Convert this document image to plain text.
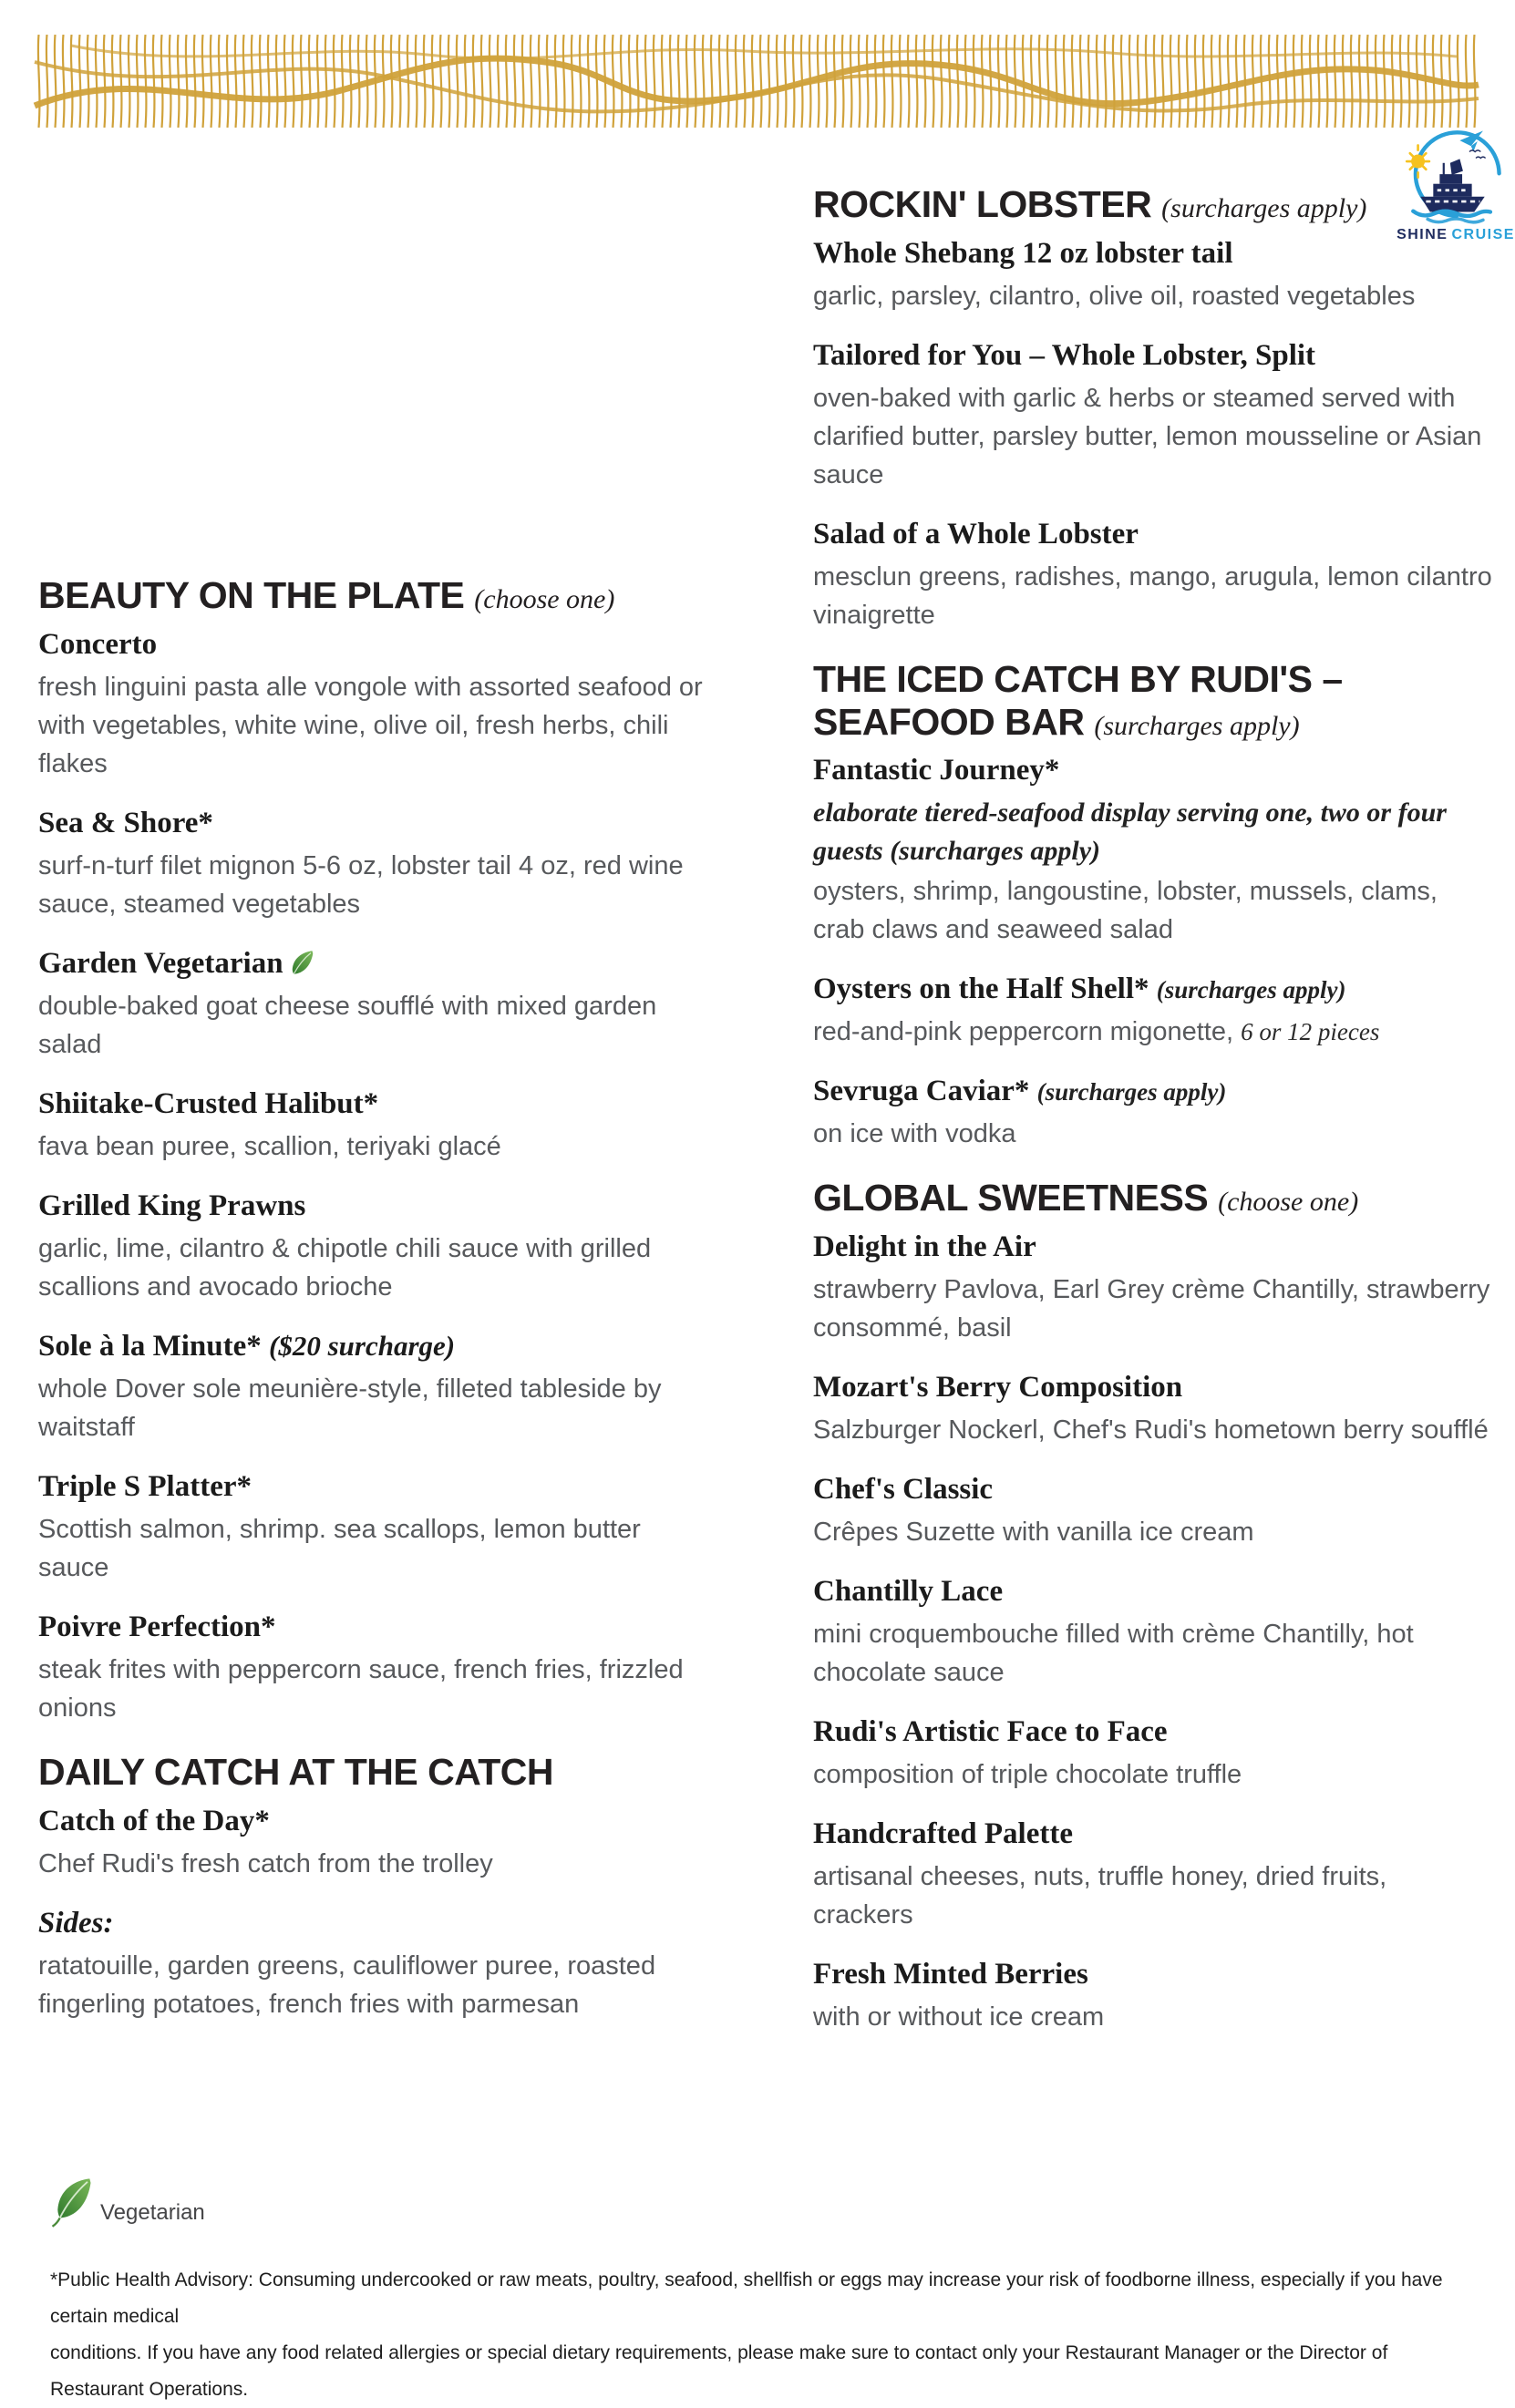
SHINE CRUISE
BEAUTY ON THE PLATE (choose one)
Concerto

fresh linguini pasta alle vongole with assorted seafood or with vegetables, white wine, olive oil, fresh herbs, chili flakes

Sea & Shore*

surf-n-turf filet mignon 5-6 oz, lobster tail 4 oz, red wine sauce, steamed vegetables

Garden Vegetarian

double-baked goat cheese soufflé with mixed garden salad

Shiitake-Crusted Halibut*

fava bean puree, scallion, teriyaki glacé

Grilled King Prawns

garlic, lime, cilantro & chipotle chili sauce with grilled scallions and avocado brioche

Sole à la Minute* ($20 surcharge)

whole Dover sole meunière-style, filleted tableside by waitstaff

Triple S Platter*

Scottish salmon, shrimp. sea scallops, lemon butter sauce

Poivre Perfection*

steak frites with peppercorn sauce, french fries, frizzled onions

DAILY CATCH AT THE CATCH
Catch of the Day*

Chef Rudi's fresh catch from the trolley

Sides:

ratatouille, garden greens, cauliflower puree, roasted fingerling potatoes, french fries with parmesan

ROCKIN' LOBSTER (surcharges apply)
Whole Shebang 12 oz lobster tail

garlic, parsley, cilantro, olive oil, roasted vegetables

Tailored for You – Whole Lobster, Split

oven-baked with garlic & herbs or steamed served with clarified butter, parsley butter, lemon mousseline or Asian sauce

Salad of a Whole Lobster

mesclun greens, radishes, mango, arugula, lemon cilantro vinaigrette

THE ICED CATCH BY RUDI'S –
SEAFOOD BAR (surcharges apply)
Fantastic Journey*

elaborate tiered-seafood display serving one, two or four guests (surcharges apply)

oysters, shrimp, langoustine, lobster, mussels, clams, crab claws and seaweed salad

Oysters on the Half Shell* (surcharges apply)

red-and-pink peppercorn migonette, 6 or 12 pieces

Sevruga Caviar* (surcharges apply)

on ice with vodka

GLOBAL SWEETNESS (choose one)
Delight in the Air

strawberry Pavlova, Earl Grey crème Chantilly, strawberry consommé, basil

Mozart's Berry Composition

Salzburger Nockerl, Chef's Rudi's hometown berry soufflé

Chef's Classic

Crêpes Suzette with vanilla ice cream

Chantilly Lace

mini croquembouche filled with crème Chantilly, hot chocolate sauce

Rudi's Artistic Face to Face

composition of triple chocolate truffle

Handcrafted Palette

artisanal cheeses, nuts, truffle honey, dried fruits, crackers

Fresh Minted Berries

with or without ice cream

Vegetarian
*Public Health Advisory: Consuming undercooked or raw meats, poultry, seafood, shellfish or eggs may increase your risk of foodborne illness, especially if you have certain medical
conditions. If you have any food related allergies or special dietary requirements, please make sure to contact only your Restaurant Manager or the Director of Restaurant Operations.
